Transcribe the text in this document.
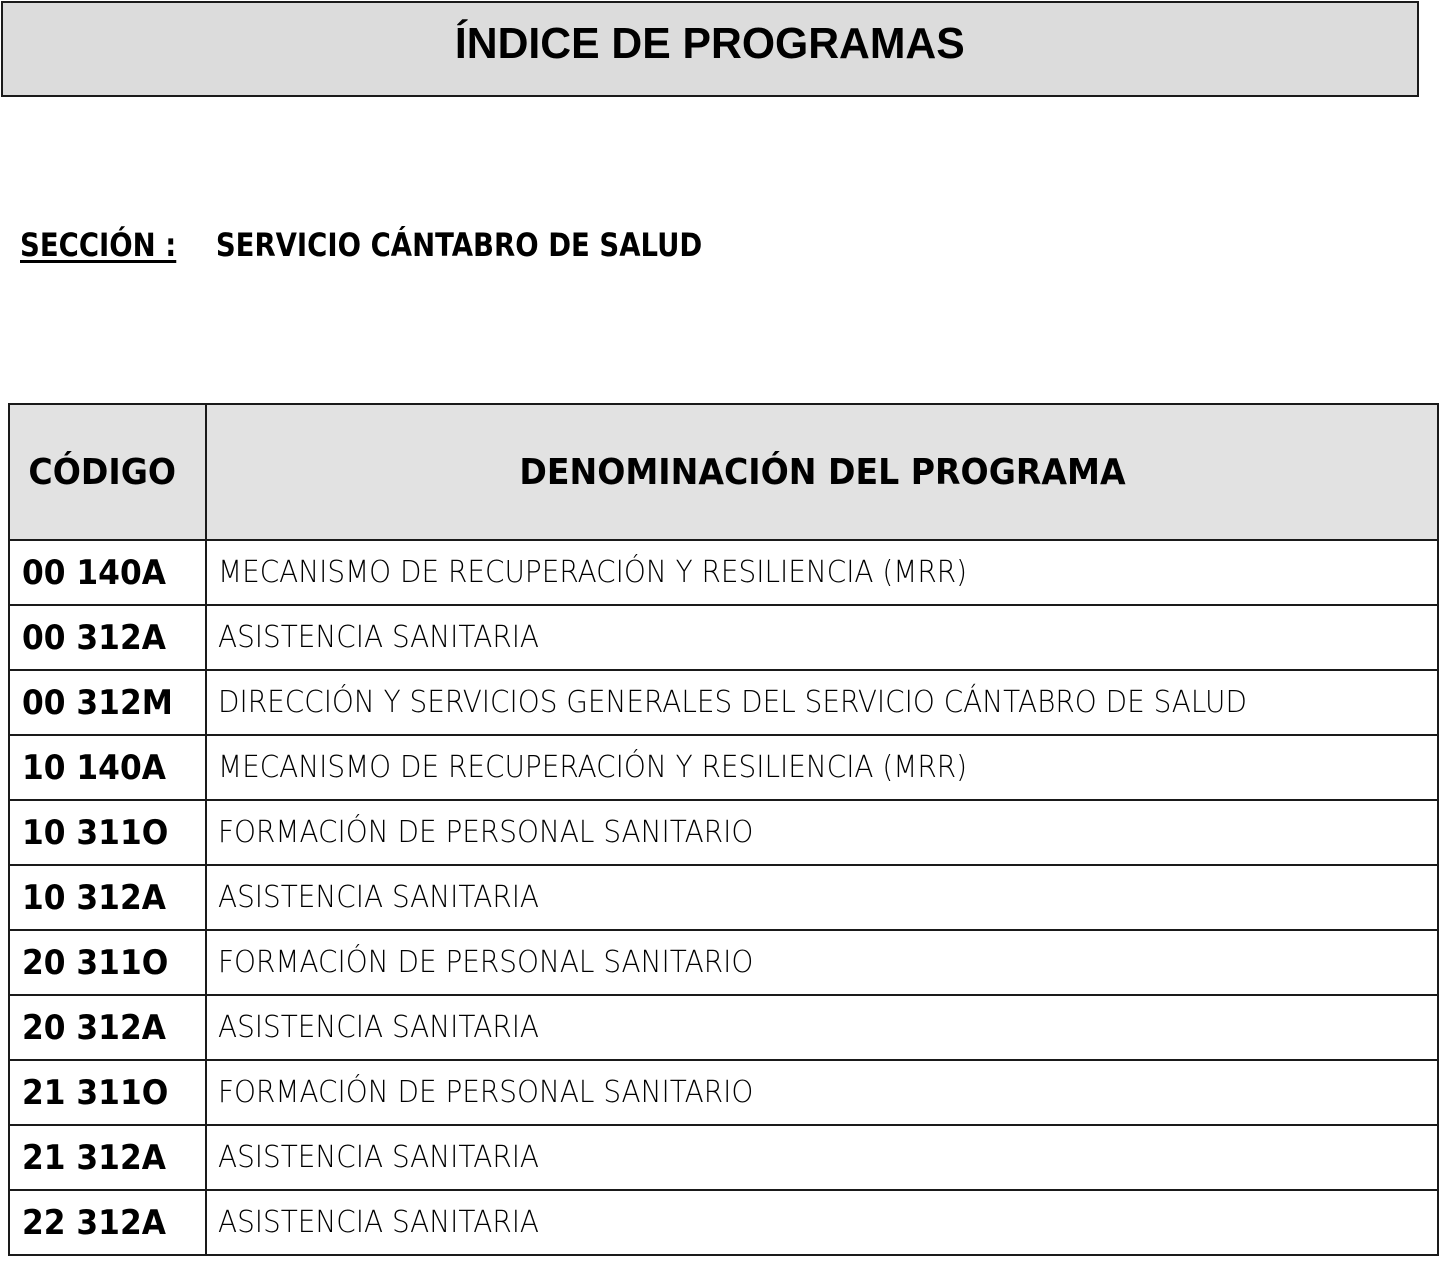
ÍNDICE DE PROGRAMAS
SECCIÓN : SERVICIO CÁNTABRO DE SALUD
CÓDIGO	DENOMINACIÓN DEL PROGRAMA
00 140A	MECANISMO DE RECUPERACIÓN Y RESILIENCIA (MRR)
00 312A	ASISTENCIA SANITARIA
00 312M	DIRECCIÓN Y SERVICIOS GENERALES DEL SERVICIO CÁNTABRO DE SALUD
10 140A	MECANISMO DE RECUPERACIÓN Y RESILIENCIA (MRR)
10 311O	FORMACIÓN DE PERSONAL SANITARIO
10 312A	ASISTENCIA SANITARIA
20 311O	FORMACIÓN DE PERSONAL SANITARIO
20 312A	ASISTENCIA SANITARIA
21 311O	FORMACIÓN DE PERSONAL SANITARIO
21 312A	ASISTENCIA SANITARIA
22 312A	ASISTENCIA SANITARIA
